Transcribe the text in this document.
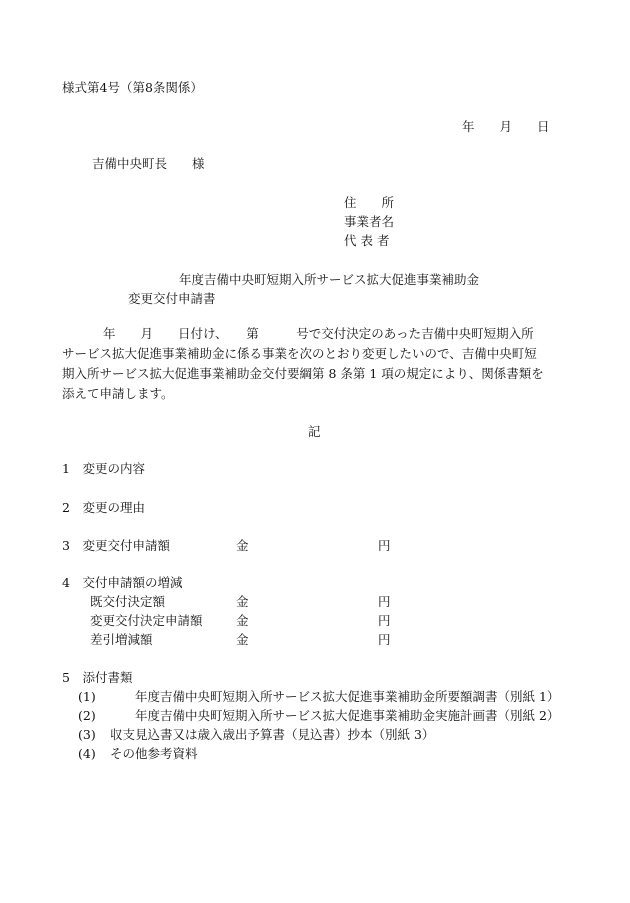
様式第4号（第8条関係）
年　　月　　日
吉備中央町長　　様
住　　所
事業者名
代 表 者
年度吉備中央町短期入所サービス拡大促進事業補助金
変更交付申請書
年　　月　　日付け、　　第　　　号で交付決定のあった吉備中央町短期入所
サービス拡大促進事業補助金に係る事業を次のとおり変更したいので、吉備中央町短
期入所サービス拡大促進事業補助金交付要綱第 8 条第 1 項の規定により、関係書類を
添えて申請します。
記
1　変更の内容
2　変更の理由
3　変更交付申請額	金	円
4　交付申請額の増減
既交付決定額	金	円
変更交付決定申請額	金	円
差引増減額	金	円
5　添付書類
(1)	年度吉備中央町短期入所サービス拡大促進事業補助金所要額調書（別紙 1）
(2)	年度吉備中央町短期入所サービス拡大促進事業補助金実施計画書（別紙 2）
(3) 収支見込書又は歳入歳出予算書（見込書）抄本（別紙 3）
(4) その他参考資料
